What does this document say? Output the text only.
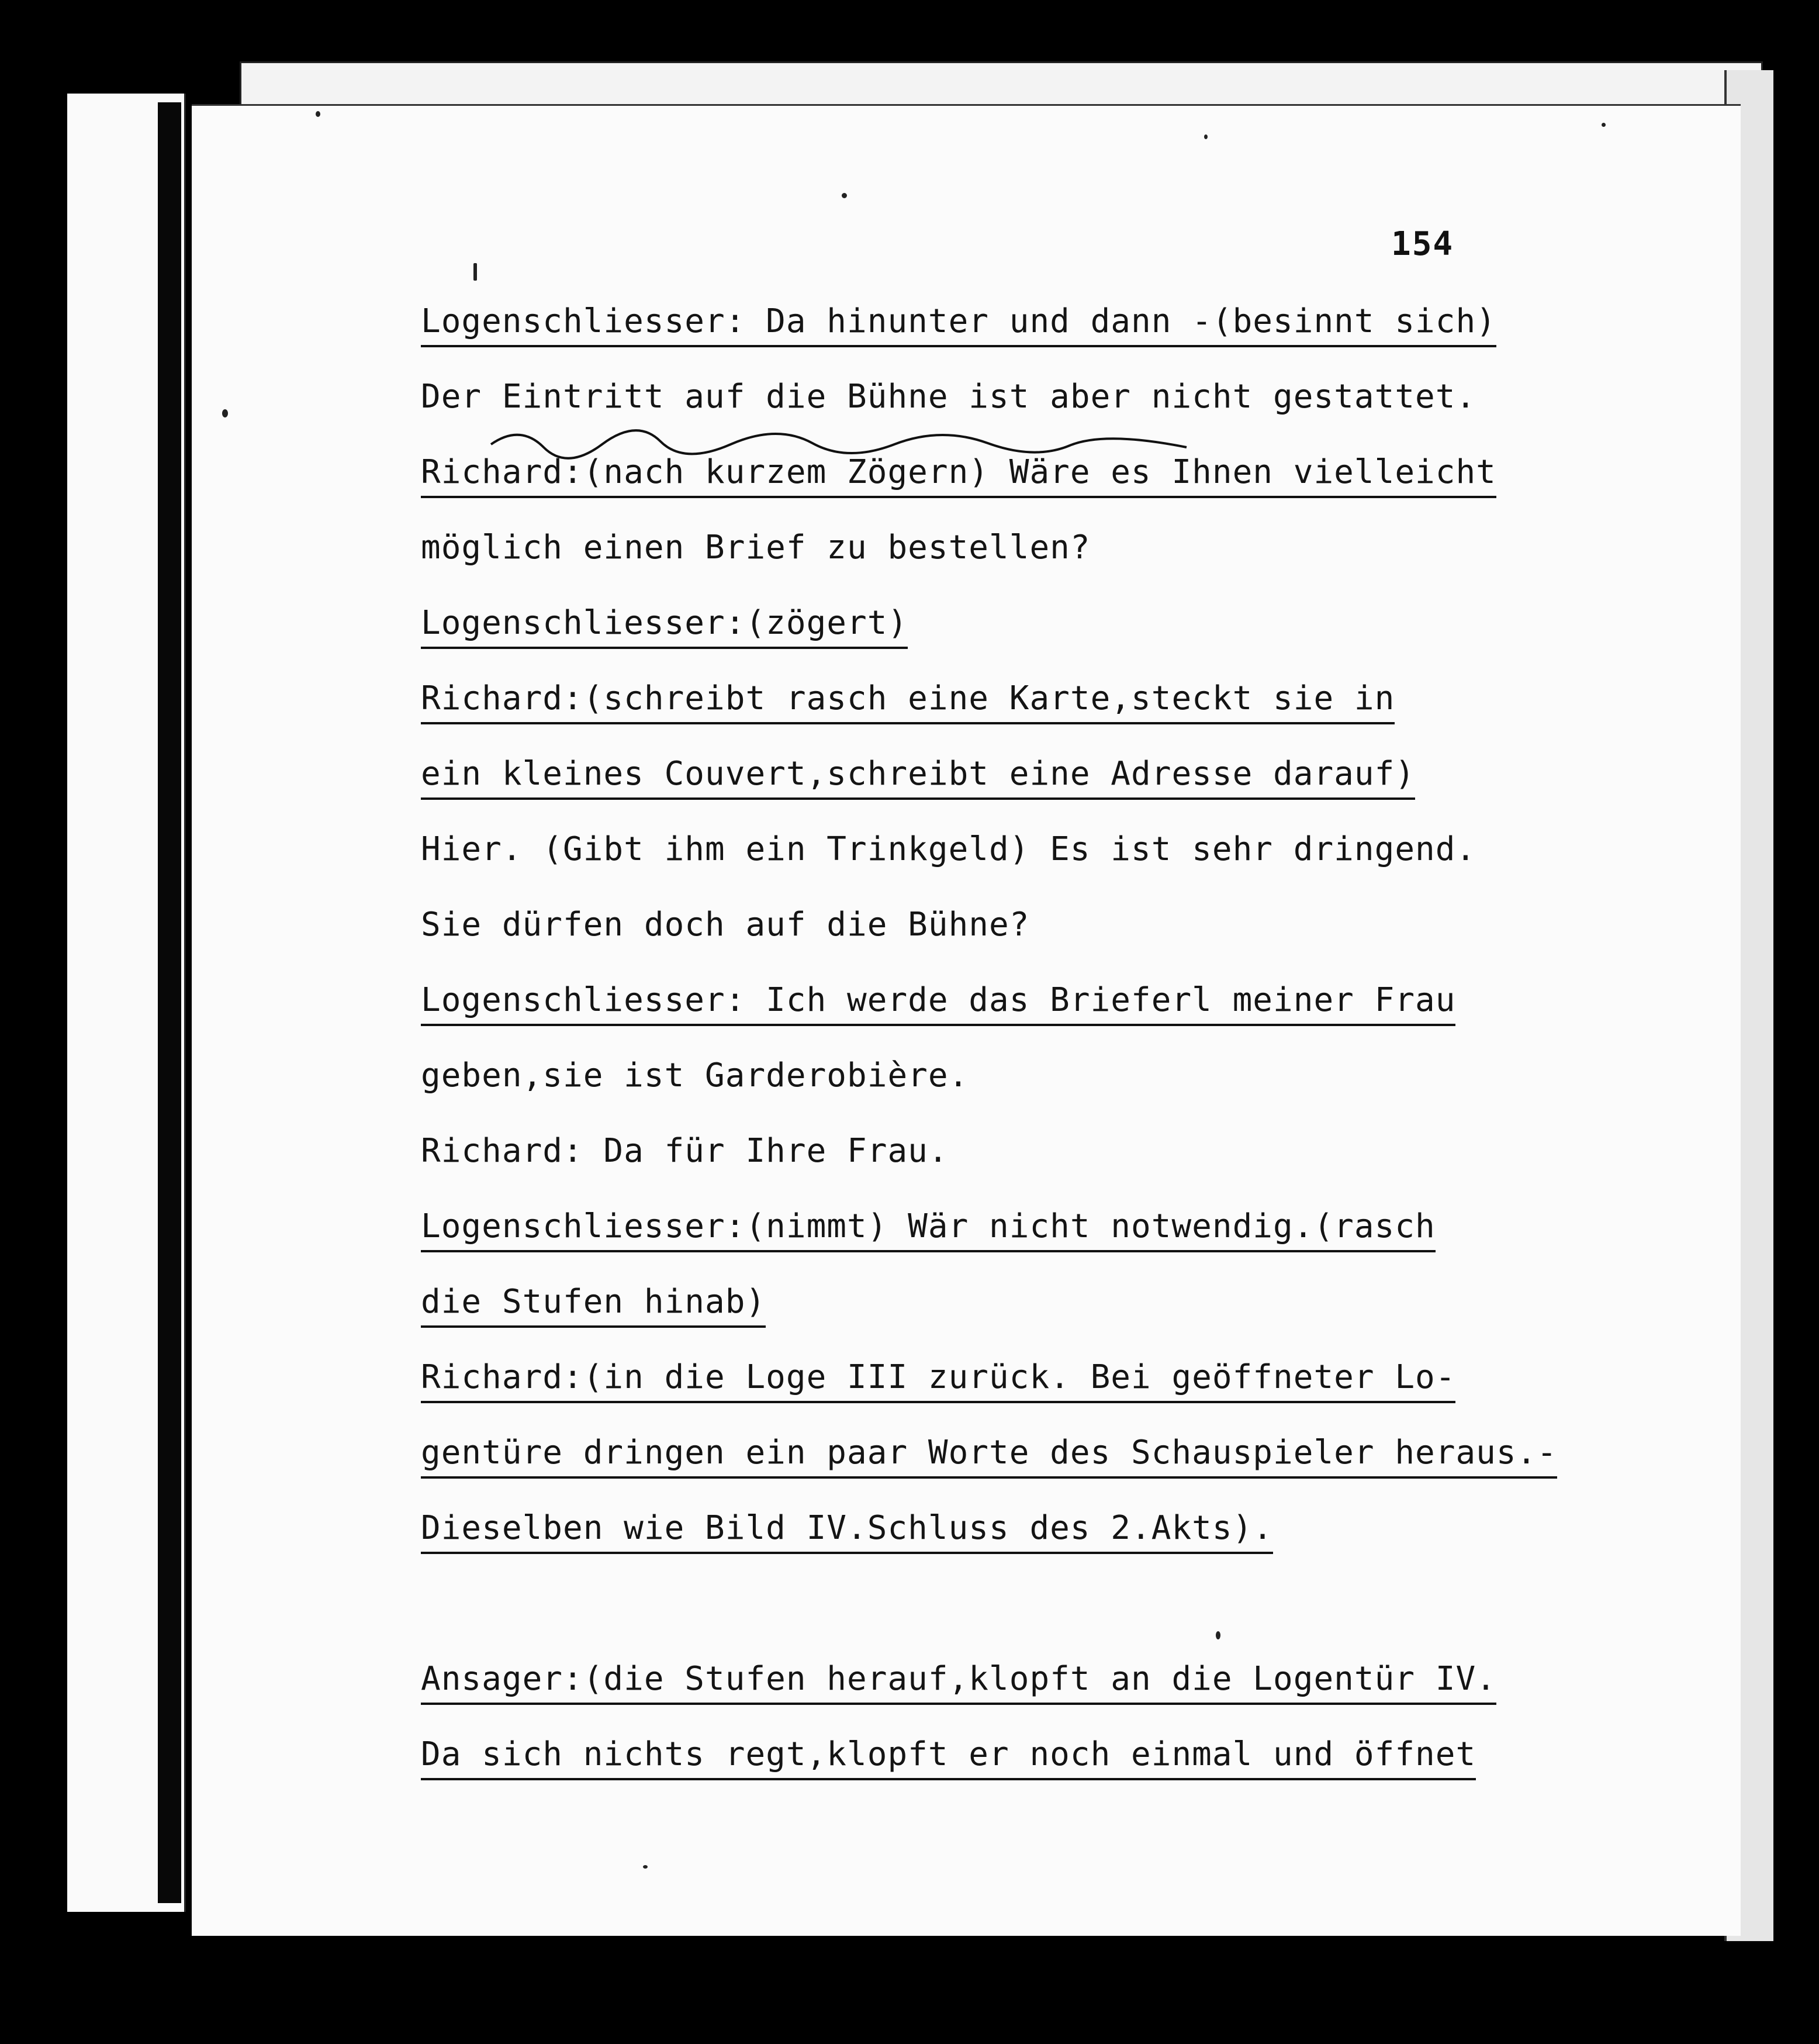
154
Logenschliesser: Da hinunter und dann -(besinnt sich)
Der Eintritt auf die Bühne ist aber nicht gestattet.
Richard:(nach kurzem Zögern) Wäre es Ihnen vielleicht
möglich einen Brief zu bestellen?
Logenschliesser:(zögert)
Richard:(schreibt rasch eine Karte,steckt sie in
ein kleines Couvert,schreibt eine Adresse darauf)
Hier. (Gibt ihm ein Trinkgeld) Es ist sehr dringend.
Sie dürfen doch auf die Bühne?
Logenschliesser: Ich werde das Brieferl meiner Frau
geben,sie ist Garderobière.
Richard: Da für Ihre Frau.
Logenschliesser:(nimmt) Wär nicht notwendig.(rasch
die Stufen hinab)
Richard:(in die Loge III zurück. Bei geöffneter Lo-
gentüre dringen ein paar Worte des Schauspieler heraus.-
Dieselben wie Bild IV.Schluss des 2.Akts).
Ansager:(die Stufen herauf,klopft an die Logentür IV.
Da sich nichts regt,klopft er noch einmal und öffnet
